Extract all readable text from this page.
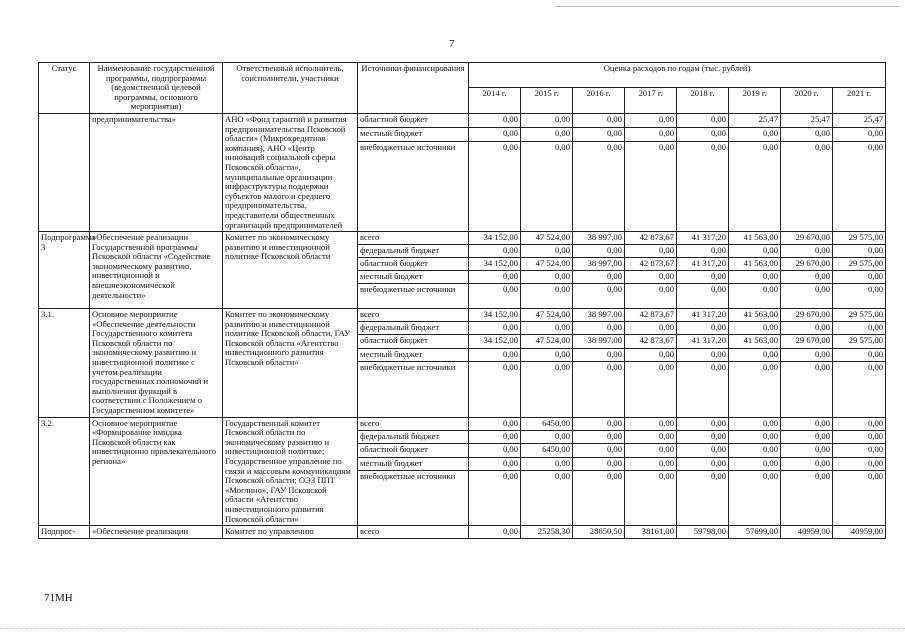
7
Статус	Наименование государственной программы, подпрограммы (ведомственной целевой программы, основного мероприятия)	Ответственный исполнитель, соисполнители, участники	Источники финансирования	Оценка расходов по годам (тыс. рублей)							
				2014 г.	2015 г.	2016 г.	2017 г.	2018 г.	2019 г.	2020 г.	2021 г.
	предпринимательства»	АНО «Фонд гарантий и развития предпринимательства Псковской области» (Микрокредитная компания), АНО «Центр инноваций социальной сферы Псковской области», муниципальные организации инфраструктуры поддержки субъектов малого и среднего предпринимательства, представители общественных организаций предпринимателей	областной бюджет	0,00	0,00	0,00	0,00	0,00	25,47	25,47	25,47
			местный бюджет	0,00	0,00	0,00	0,00	0,00	0,00	0,00	0,00
			внебюджетные источники	0,00	0,00	0,00	0,00	0,00	0,00	0,00	0,00
Подпрограмма 3	«Обеспечение реализации Государственной программы Псковской области «Содействие экономическому развитию, инвестиционной и внешнеэкономической деятельности»	Комитет по экономическому развитию и инвестиционной политике Псковской области	всего	34 152,00	47 524,00	38 997,00	42 873,67	41 317,20	41 563,00	29 670,00	29 575,00
			федеральный бюджет	0,00	0,00	0,00	0,00	0,00	0,00	0,00	0,00
			областной бюджет	34 152,00	47 524,00	38 997,00	42 873,67	41 317,20	41 563,00	29 670,00	29 575,00
			местный бюджет	0,00	0,00	0,00	0,00	0,00	0,00	0,00	0,00
			внебюджетные источники	0,00	0,00	0,00	0,00	0,00	0,00	0,00	0,00
3.1.	Основное мероприятие «Обеспечение деятельности Государственного комитета Псковской области по экономическому развитию и инвестиционной политике с учетом реализации государственных полномочий и выполнения функций в соответствии с Положением о Государственном комитете»	Комитет по экономическому развитию и инвестиционной политике Псковской области, ГАУ Псковской области «Агентство инвестиционного развития Псковской области»	всего	34 152,00	47 524,00	38 997,00	42 873,67	41 317,20	41 563,00	29 670,00	29 575,00
			федеральный бюджет	0,00	0,00	0,00	0,00	0,00	0,00	0,00	0,00
			областной бюджет	34 152,00	47 524,00	38 997,00	42 873,67	41 317,20	41 563,00	29 670,00	29 575,00
			местный бюджет	0,00	0,00	0,00	0,00	0,00	0,00	0,00	0,00
			внебюджетные источники	0,00	0,00	0,00	0,00	0,00	0,00	0,00	0,00
3.2.	Основное мероприятие «Формирование имиджа Псковской области как инвестиционно привлекательного региона»	Государственный комитет Псковской области по экономическому развитию и инвестиционной политике; Государственное управление по связи и массовым коммуникациям Псковской области; ОЭЗ ППТ «Моглино», ГАУ Псковской области «Агентство инвестиционного развития Псковской области»	всего	0,00	6450,00	0,00	0,00	0,00	0,00	0,00	0,00
			федеральный бюджет	0,00	0,00	0,00	0,00	0,00	0,00	0,00	0,00
			областной бюджет	0,00	6450,00	0,00	0,00	0,00	0,00	0,00	0,00
			местный бюджет	0,00	0,00	0,00	0,00	0,00	0,00	0,00	0,00
			внебюджетные источники	0,00	0,00	0,00	0,00	0,00	0,00	0,00	0,00
Подпрог-	«Обеспечение реализации	Комитет по управлению	всего	0,00	25258,30	28650,50	38161,00	59798,00	57699,00	40959,00	40959,00
71МН
